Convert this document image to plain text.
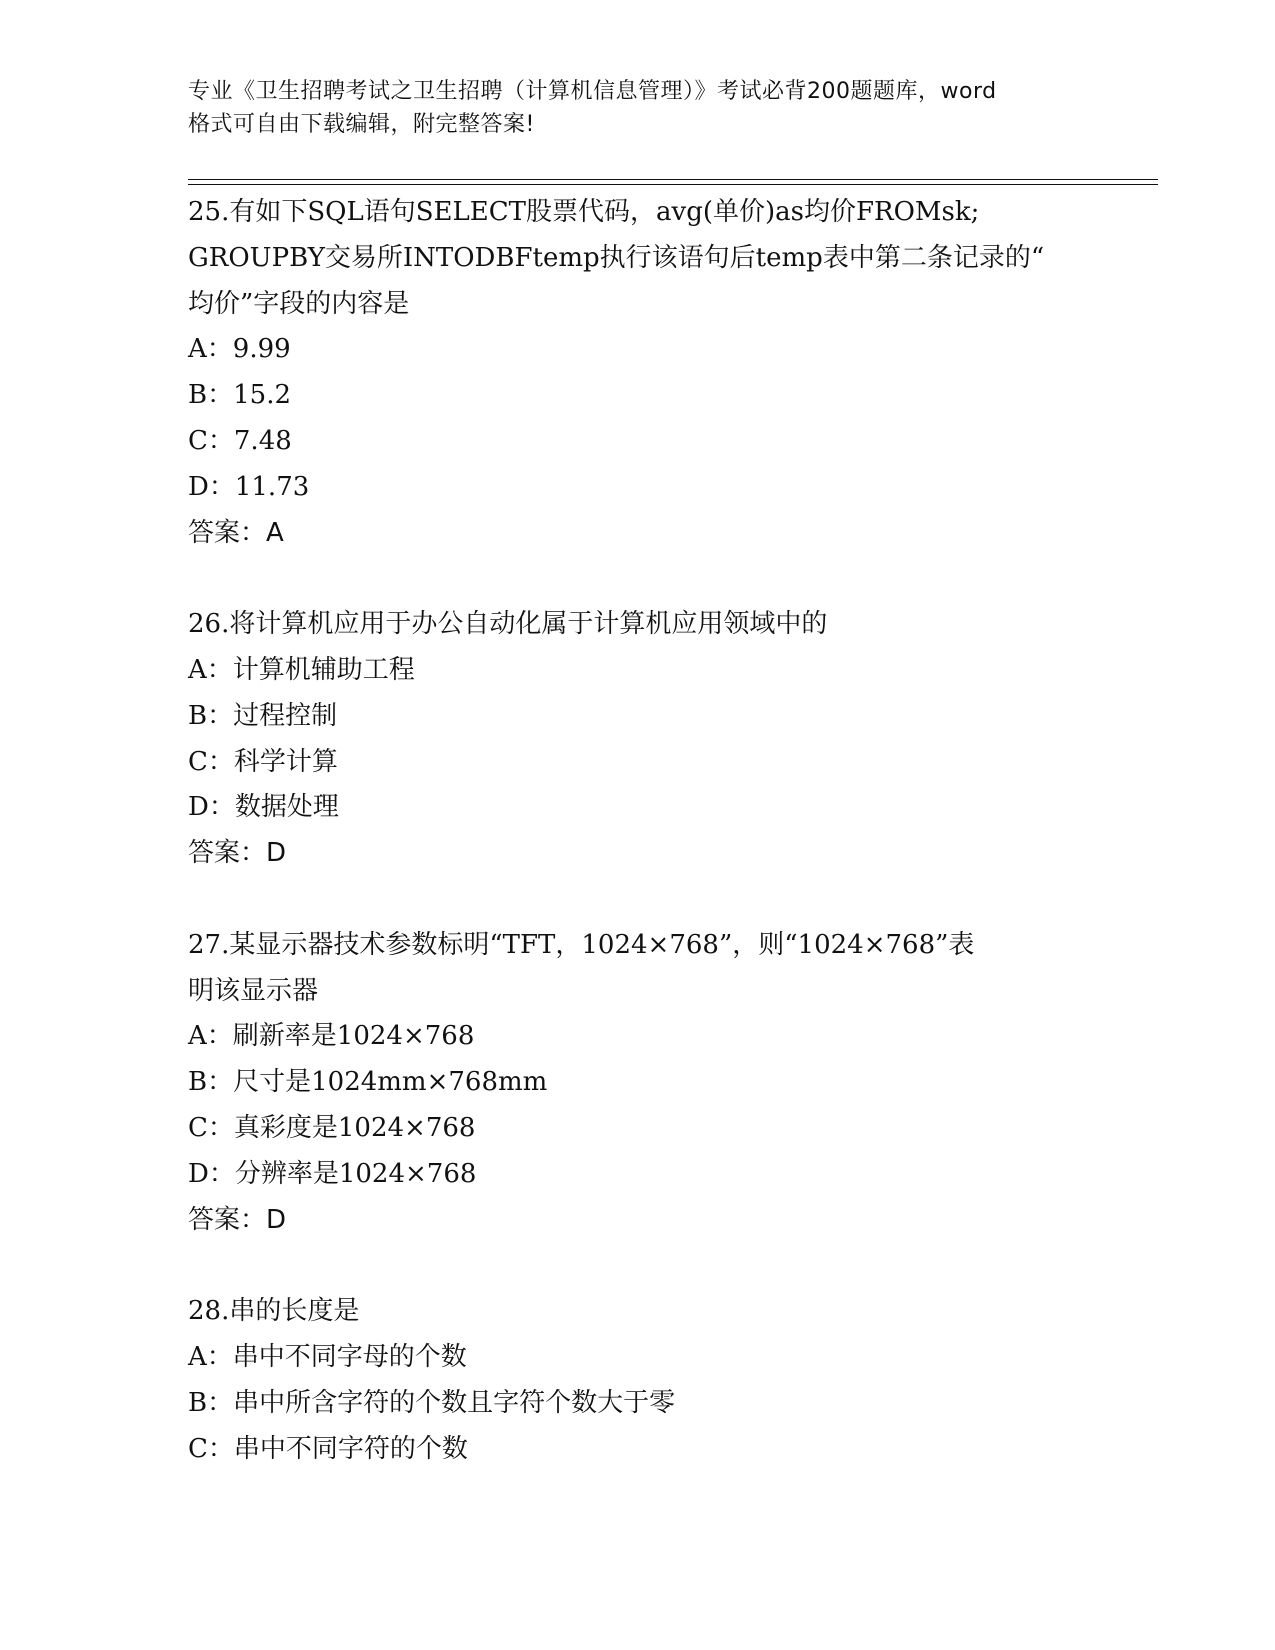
专业《卫生招聘考试之卫生招聘（计算机信息管理）》考试必背200题题库，word
格式可自由下载编辑，附完整答案!
25.有如下SQL语句SELECT股票代码，avg(单价)as均价FROMsk;
GROUPBY交易所INTODBFtemp执行该语句后temp表中第二条记录的“
均价”字段的内容是
A：9.99
B：15.2
C：7.48
D：11.73
答案：A
26.将计算机应用于办公自动化属于计算机应用领域中的
A：计算机辅助工程
B：过程控制
C：科学计算
D：数据处理
答案：D
27.某显示器技术参数标明“TFT，1024×768”，则“1024×768”表
明该显示器
A：刷新率是1024×768
B：尺寸是1024mm×768mm
C：真彩度是1024×768
D：分辨率是1024×768
答案：D
28.串的长度是
A：串中不同字母的个数
B：串中所含字符的个数且字符个数大于零
C：串中不同字符的个数
